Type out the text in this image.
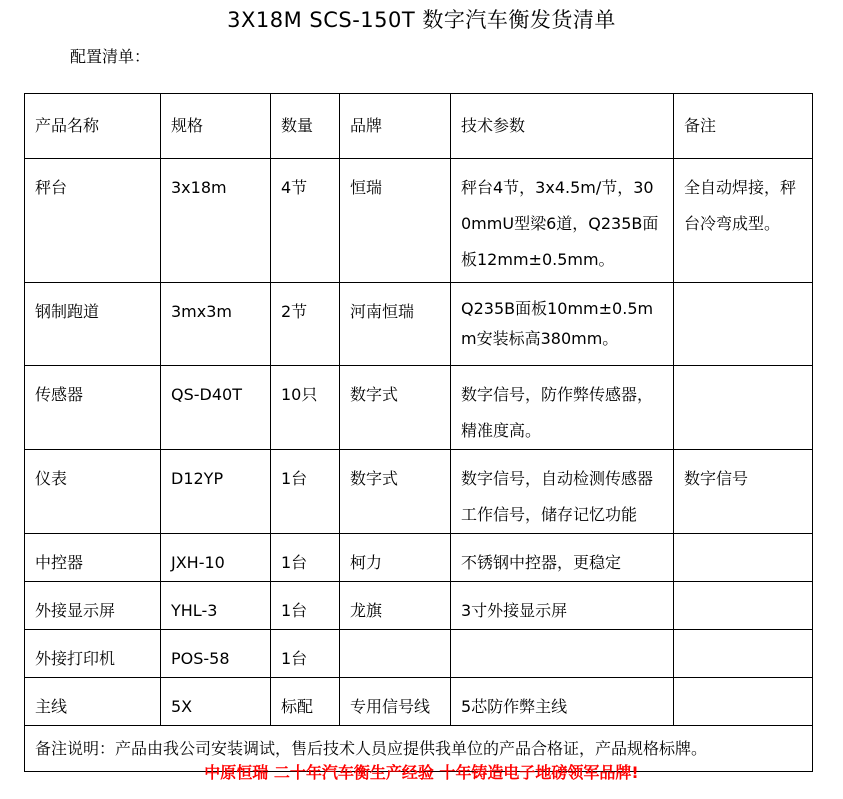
3X18M SCS-150T 数字汽车衡发货清单
配置清单：
产品名称	规格	数量	品牌	技术参数	备注
秤台	3x18m	4节	恒瑞	秤台4节，3x4.5m/节，300mmU型梁6道，Q235B面板12mm±0.5mm。	全自动焊接，秤台冷弯成型。
钢制跑道	3mx3m	2节	河南恒瑞	Q235B面板10mm±0.5mm安装标高380mm。	
传感器	QS-D40T	10只	数字式	数字信号，防作弊传感器，精准度高。	
仪表	D12YP	1台	数字式	数字信号，自动检测传感器工作信号，储存记忆功能	数字信号
中控器	JXH-10	1台	柯力	不锈钢中控器，更稳定	
外接显示屏	YHL-3	1台	龙旗	3寸外接显示屏	
外接打印机	POS-58	1台			
主线	5X	标配	专用信号线	5芯防作弊主线	
备注说明：产品由我公司安装调试，售后技术人员应提供我单位的产品合格证，产品规格标牌。					
中原恒瑞 二十年汽车衡生产经验 十年铸造电子地磅领军品牌!
